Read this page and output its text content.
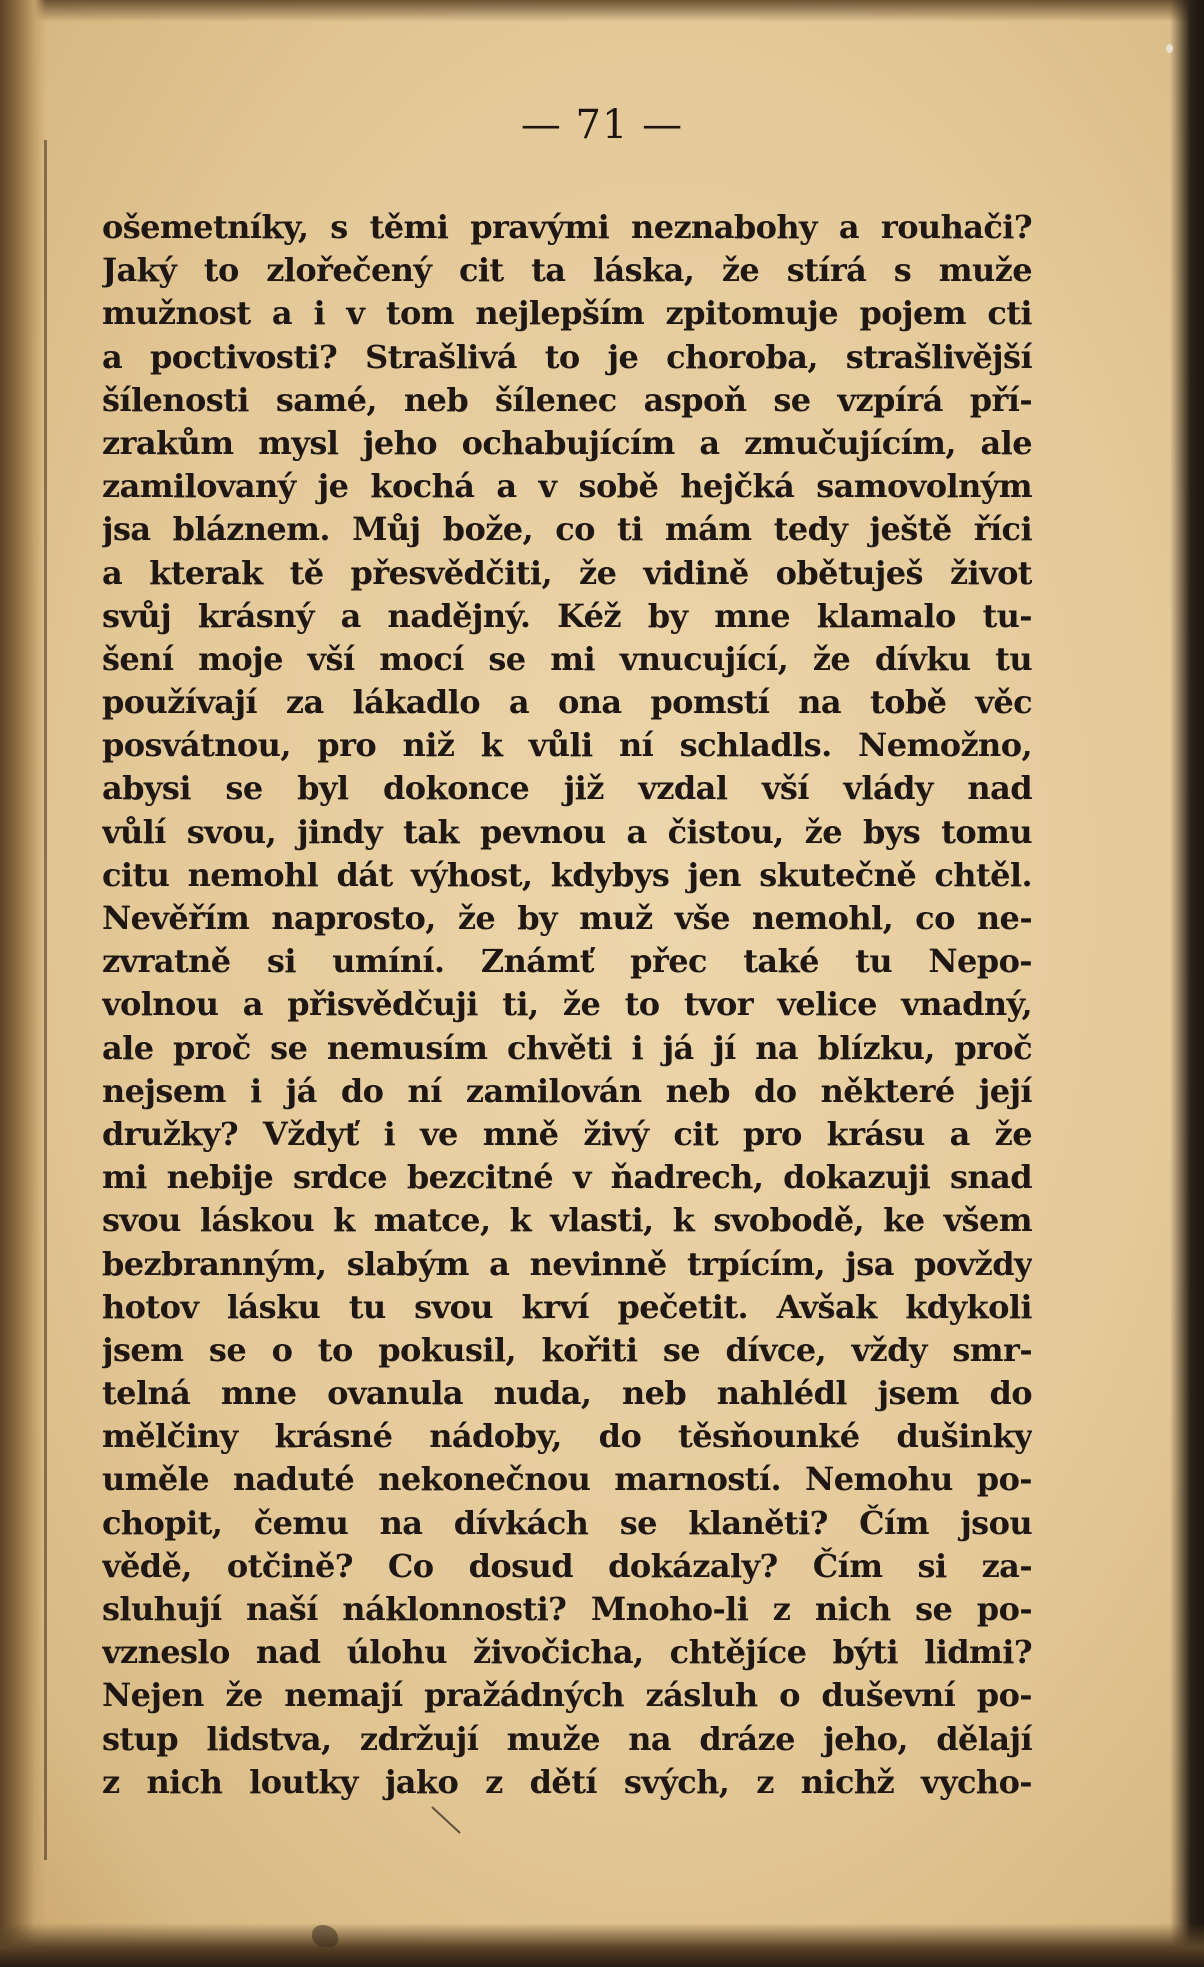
— 71 —
ošemetníky, s těmi pravými neznabohy a rouhači?
Jaký to zlořečený cit ta láska, že stírá s muže
mužnost a i v tom nejlepším zpitomuje pojem cti
a poctivosti? Strašlivá to je choroba, strašlivější
šílenosti samé, neb šílenec aspoň se vzpírá pří-
zrakům mysl jeho ochabujícím a zmučujícím, ale
zamilovaný je kochá a v sobě hejčká samovolným
jsa bláznem. Můj bože, co ti mám tedy ještě říci
a kterak tě přesvědčiti, že vidině obětuješ život
svůj krásný a nadějný. Kéž by mne klamalo tu-
šení moje vší mocí se mi vnucující, že dívku tu
používají za lákadlo a ona pomstí na tobě věc
posvátnou, pro niž k vůli ní schladls. Nemožno,
abysi se byl dokonce již vzdal vší vlády nad
vůlí svou, jindy tak pevnou a čistou, že bys tomu
citu nemohl dát výhost, kdybys jen skutečně chtěl.
Nevěřím naprosto, že by muž vše nemohl, co ne-
zvratně si umíní. Známť přec také tu Nepo-
volnou a přisvědčuji ti, že to tvor velice vnadný,
ale proč se nemusím chvěti i já jí na blízku, proč
nejsem i já do ní zamilován neb do některé její
družky? Vždyť i ve mně živý cit pro krásu a že
mi nebije srdce bezcitné v ňadrech, dokazuji snad
svou láskou k matce, k vlasti, k svobodě, ke všem
bezbranným, slabým a nevinně trpícím, jsa povždy
hotov lásku tu svou krví pečetit. Avšak kdykoli
jsem se o to pokusil, kořiti se dívce, vždy smr-
telná mne ovanula nuda, neb nahlédl jsem do
mělčiny krásné nádoby, do těsňounké dušinky
uměle naduté nekonečnou marností. Nemohu po-
chopit, čemu na dívkách se klaněti? Čím jsou
vědě, otčině? Co dosud dokázaly? Čím si za-
sluhují naší náklonnosti? Mnoho-li z nich se po-
vzneslo nad úlohu živočicha, chtějíce býti lidmi?
Nejen že nemají pražádných zásluh o duševní po-
stup lidstva, zdržují muže na dráze jeho, dělají
z nich loutky jako z dětí svých, z nichž vycho-
